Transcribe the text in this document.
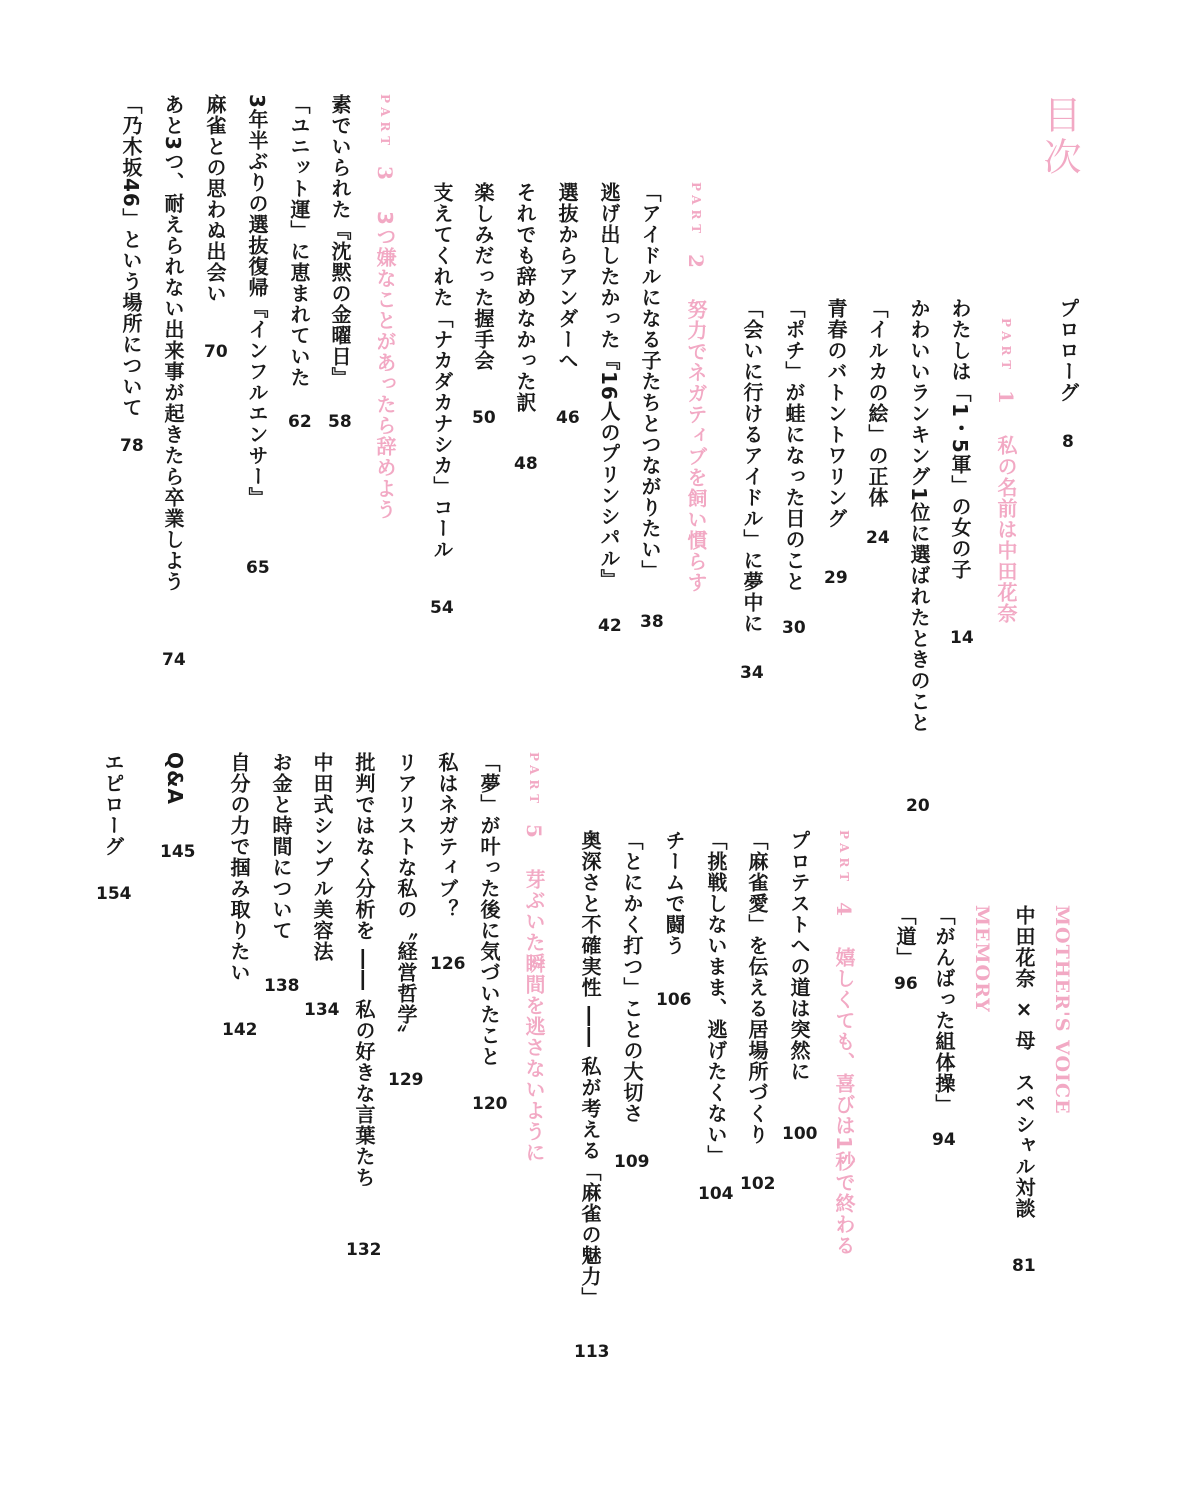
目次
プロローグ
8
PART 1 私の名前は中田花奈
わたしは「1・5軍」の女の子
14
かわいいランキング1位に選ばれたときのこと
20
「イルカの絵」の正体
24
青春のバトントワリング
29
「ポチ」が蛙になった日のこと
30
「会いに行けるアイドル」に夢中に
34
PART 2 努力でネガティブを飼い慣らす
「アイドルになる子たちとつながりたい」
38
逃げ出したかった『16人のプリンシパル』
42
選抜からアンダーへ
46
それでも辞めなかった訳
48
楽しみだった握手会
50
支えてくれた「ナカダカナシカ」コール
54
PART 3 3つ嫌なことがあったら辞めよう
素でいられた『沈黙の金曜日』
58
「ユニット運」に恵まれていた
62
3年半ぶりの選抜復帰『インフルエンサー』
65
麻雀との思わぬ出会い
70
あと3つ、耐えられない出来事が起きたら卒業しよう
74
「乃木坂46」という場所について
78
MOTHER'S VOICE
中田花奈 × 母　スペシャル対談
81
MEMORY
「がんばった組体操」
94
「道」
96
PART 4 嬉しくても、喜びは1秒で終わる
プロテストへの道は突然に
100
「麻雀愛」を伝える居場所づくり
102
「挑戦しないまま、逃げたくない」
104
チームで闘う
106
「とにかく打つ」ことの大切さ
109
奥深さと不確実性 ―― 私が考える「麻雀の魅力」
113
PART 5 芽ぶいた瞬間を逃さないように
「夢」が叶った後に気づいたこと
120
私はネガティブ？
126
リアリストな私の〝経営哲学〟
129
批判ではなく分析を ―― 私の好きな言葉たち
132
中田式シンプル美容法
134
お金と時間について
138
自分の力で掴み取りたい
142
Q&A
145
エピローグ
154
